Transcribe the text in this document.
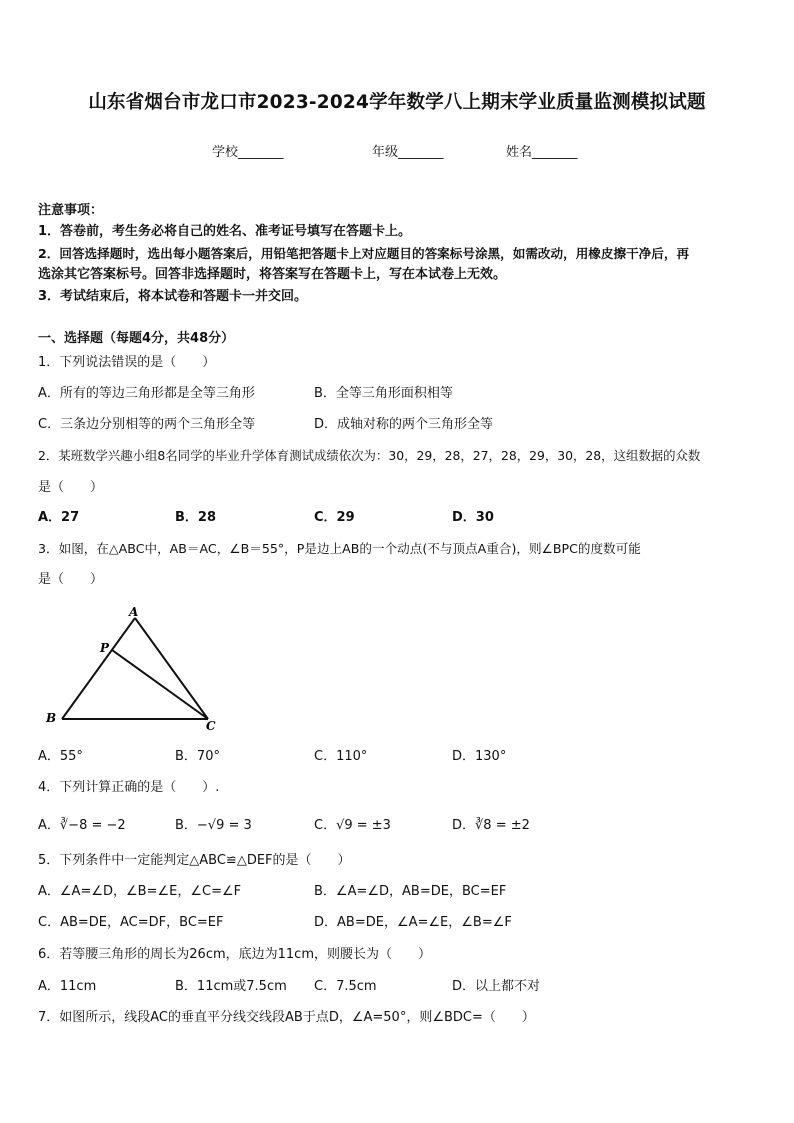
山东省烟台市龙口市2023-2024学年数学八上期末学业质量监测模拟试题
学校_______	年级_______	姓名_______
注意事项：
1．答卷前，考生务必将自己的姓名、准考证号填写在答题卡上。
2．回答选择题时，选出每小题答案后，用铅笔把答题卡上对应题目的答案标号涂黑，如需改动，用橡皮擦干净后，再
选涂其它答案标号。回答非选择题时，将答案写在答题卡上，写在本试卷上无效。
3．考试结束后，将本试卷和答题卡一并交回。
一、选择题（每题4分，共48分）
1．下列说法错误的是（　　）
A．所有的等边三角形都是全等三角形	B．全等三角形面积相等
C．三条边分别相等的两个三角形全等	D．成轴对称的两个三角形全等
2．某班数学兴趣小组8名同学的毕业升学体育测试成绩依次为：30，29，28，27，28，29，30，28，这组数据的众数
是（　　）
A．27	B．28	C．29	D．30
3．如图，在△ABC中，AB＝AC，∠B＝55°，P是边上AB的一个动点(不与顶点A重合)，则∠BPC的度数可能
是（　　）
A
P
B
C
A．55°	B．70°	C．110°	D．130°
4．下列计算正确的是（　　）.
A．∛−8 = −2	B．−√9 = 3	C．√9 = ±3	D．∛8 = ±2
5．下列条件中一定能判定△ABC≌△DEF的是（　　）
A．∠A=∠D，∠B=∠E，∠C=∠F	B．∠A=∠D，AB=DE，BC=EF
C．AB=DE，AC=DF，BC=EF	D．AB=DE，∠A=∠E，∠B=∠F
6．若等腰三角形的周长为26cm，底边为11cm，则腰长为（　　）
A．11cm	B．11cm或7.5cm C．7.5cm	D．以上都不对
7．如图所示，线段AC的垂直平分线交线段AB于点D，∠A=50°，则∠BDC=（　　）
